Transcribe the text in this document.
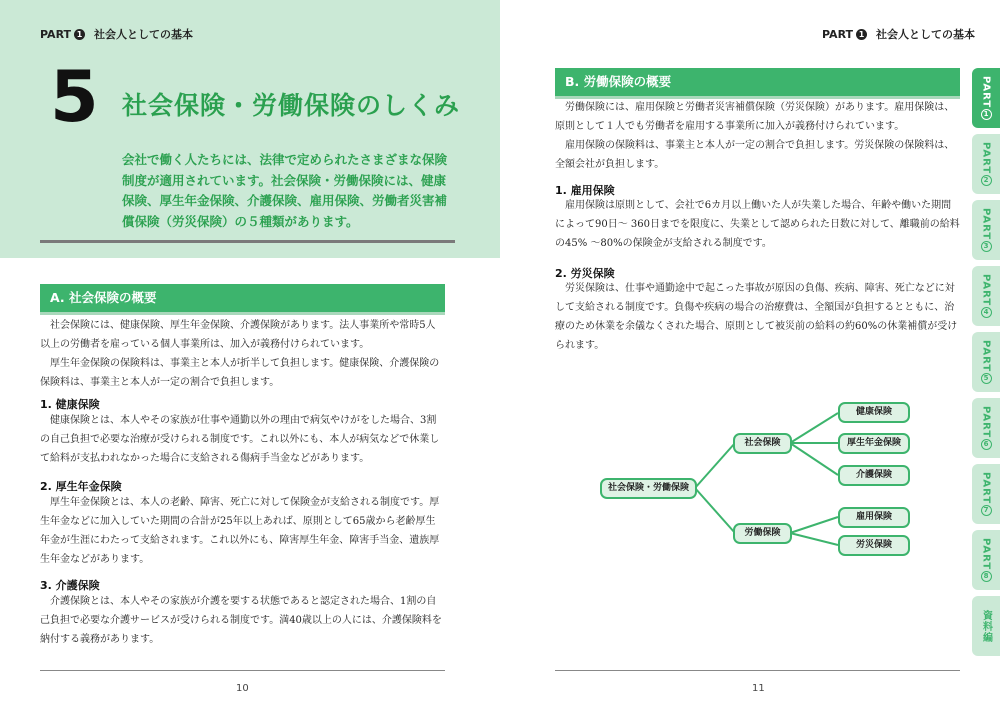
PART 1 社会人としての基本
5 社会保険・労働保険のしくみ
会社で働く人たちには、法律で定められたさまざまな保険制度が適用されています。社会保険・労働保険には、健康保険、厚生年金保険、介護保険、雇用保険、労働者災害補償保険（労災保険）の５種類があります。
A. 社会保険の概要

社会保険には、健康保険、厚生年金保険、介護保険があります。法人事業所や常時5人以上の労働者を雇っている個人事業所は、加入が義務付けられています。

厚生年金保険の保険料は、事業主と本人が折半して負担します。健康保険、介護保険の保険料は、事業主と本人が一定の割合で負担します。

1. 健康保険

健康保険とは、本人やその家族が仕事や通勤以外の理由で病気やけがをした場合、3割の自己負担で必要な治療が受けられる制度です。これ以外にも、本人が病気などで休業して給料が支払われなかった場合に支給される傷病手当金などがあります。

2. 厚生年金保険

厚生年金保険とは、本人の老齢、障害、死亡に対して保険金が支給される制度です。厚生年金などに加入していた期間の合計が25年以上あれば、原則として65歳から老齢厚生年金が生涯にわたって支給されます。これ以外にも、障害厚生年金、障害手当金、遺族厚生年金などがあります。

3. 介護保険

介護保険とは、本人やその家族が介護を要する状態であると認定された場合、1割の自己負担で必要な介護サービスが受けられる制度です。満40歳以上の人には、介護保険料を納付する義務があります。

10
PART 1 社会人としての基本
B. 労働保険の概要

労働保険には、雇用保険と労働者災害補償保険（労災保険）があります。雇用保険は、原則として１人でも労働者を雇用する事業所に加入が義務付けられています。

雇用保険の保険料は、事業主と本人が一定の割合で負担します。労災保険の保険料は、全額会社が負担します。

1. 雇用保険

雇用保険は原則として、会社で6カ月以上働いた人が失業した場合、年齢や働いた期間によって90日〜 360日までを限度に、失業として認められた日数に対して、離職前の給料の45% 〜80%の保険金が支給される制度です。

2. 労災保険

労災保険は、仕事や通勤途中で起こった事故が原因の負傷、疾病、障害、死亡などに対して支給される制度です。負傷や疾病の場合の治療費は、全額国が負担するとともに、治療のため休業を余儀なくされた場合、原則として被災前の給料の約60%の休業補償が受けられます。

社会保険・労働保険
社会保険
労働保険
健康保険
厚生年金保険
介護保険
雇用保険
労災保険
11
PART
1
PART
2
PART
3
PART
4
PART
5
PART
6
PART
7
PART
8
資料編
